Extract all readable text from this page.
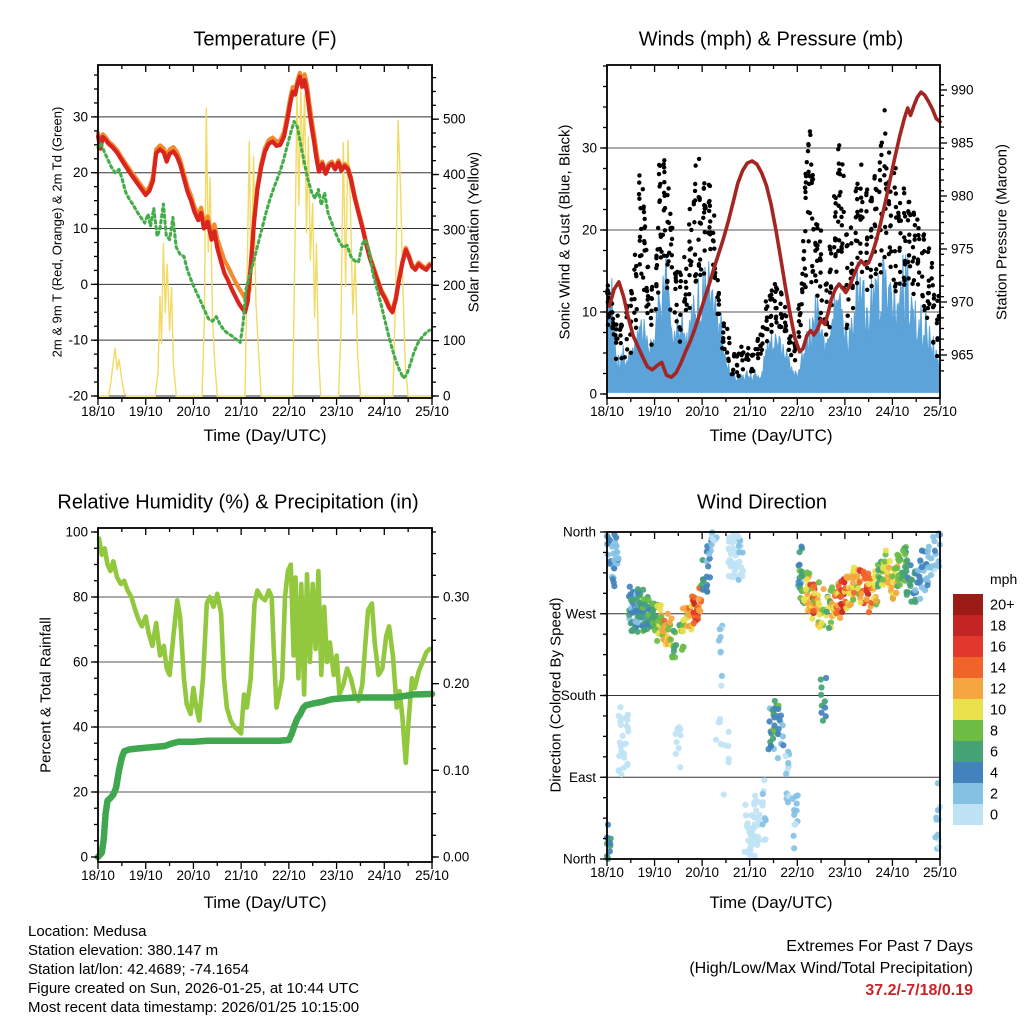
18/10 19/10 20/10 21/10 22/10 23/10 24/10 25/10
-20
-10
0
10
20
30
0
100
200
300
400
500
18/10 19/10 20/10 21/10 22/10 23/10 24/10 25/10
0
10
20
30
965
970
975
980
985
990
18/10 19/10 20/10 21/10 22/10 23/10 24/10 25/10
0
20
40
60
80
100
0.00
0.10
0.20
0.30
18/10 19/10 20/10 21/10 22/10 23/10 24/10 25/10
North
West
South
East
North
20+
18
16
14
12
10
8
6
4
2
0
Temperature (F)	Winds (mph) & Pressure (mb)
Relative Humidity (%) & Precipitation (in)	Wind Direction
Time (Day/UTC)	Time (Day/UTC)
Time (Day/UTC)	Time (Day/UTC)
2m & 9m T (Red, Orange) & 2m Td (Green)	Solar Insolation (Yellow)	Sonic Wind & Gust (Blue, Black)	Station Pressure (Maroon)
Percent & Total Rainfall	Direction (Colored By Speed)
mph
Location: Medusa
Station elevation: 380.147 m
Station lat/lon: 42.4689; -74.1654
Figure created on Sun, 2026-01-25, at 10:44 UTC
Most recent data timestamp: 2026/01/25 10:15:00
Extremes For Past 7 Days
(High/Low/Max Wind/Total Precipitation)
37.2/-7/18/0.19
